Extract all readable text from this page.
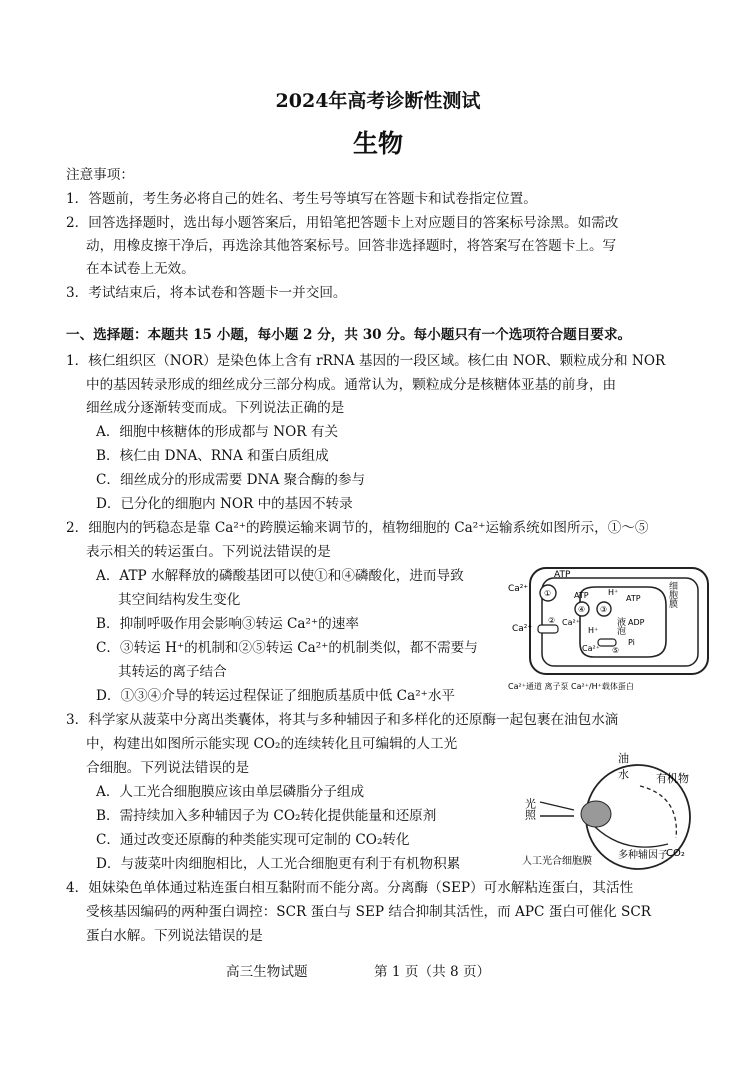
2024年高考诊断性测试
生物
注意事项：
1．答题前，考生务必将自己的姓名、考生号等填写在答题卡和试卷指定位置。
2．回答选择题时，选出每小题答案后，用铅笔把答题卡上对应题目的答案标号涂黑。如需改
动，用橡皮擦干净后，再选涂其他答案标号。回答非选择题时，将答案写在答题卡上。写
在本试卷上无效。
3．考试结束后，将本试卷和答题卡一并交回。
一、选择题：本题共 15 小题，每小题 2 分，共 30 分。每小题只有一个选项符合题目要求。
1．核仁组织区（NOR）是染色体上含有 rRNA 基因的一段区域。核仁由 NOR、颗粒成分和 NOR
中的基因转录形成的细丝成分三部分构成。通常认为，颗粒成分是核糖体亚基的前身，由
细丝成分逐渐转变而成。下列说法正确的是
A．细胞中核糖体的形成都与 NOR 有关
B．核仁由 DNA、RNA 和蛋白质组成
C．细丝成分的形成需要 DNA 聚合酶的参与
D．已分化的细胞内 NOR 中的基因不转录
2．细胞内的钙稳态是靠 Ca²⁺的跨膜运输来调节的，植物细胞的 Ca²⁺运输系统如图所示，①～⑤
表示相关的转运蛋白。下列说法错误的是
A．ATP 水解释放的磷酸基团可以使①和④磷酸化，进而导致
其空间结构发生变化
B．抑制呼吸作用会影响③转运 Ca²⁺的速率
C．③转运 H⁺的机制和②⑤转运 Ca²⁺的机制类似，都不需要与
其转运的离子结合
D．①③④介导的转运过程保证了细胞质基质中低 Ca²⁺水平
ATP
ATP	ATP
ADP
Pi
Ca²⁺
Ca²⁺
Ca²⁺
Ca²⁺
H⁺
H⁺ 液泡
细胞膜
①
②
③
④
⑤
Ca²⁺通道 离子泵 Ca²⁺/H⁺载体蛋白
3．科学家从菠菜中分离出类囊体，将其与多种辅因子和多样化的还原酶一起包裹在油包水滴
中，构建出如图所示能实现 CO₂的连续转化且可编辑的人工光
合细胞。下列说法错误的是
A．人工光合细胞膜应该由单层磷脂分子组成
B．需持续加入多种辅因子为 CO₂转化提供能量和还原剂
C．通过改变还原酶的种类能实现可定制的 CO₂转化
D．与菠菜叶肉细胞相比，人工光合细胞更有利于有机物积累
油
水
光照
有机物
多种辅因子
CO₂
人工光合细胞膜
4．姐妹染色单体通过粘连蛋白相互黏附而不能分离。分离酶（SEP）可水解粘连蛋白，其活性
受核基因编码的两种蛋白调控：SCR 蛋白与 SEP 结合抑制其活性，而 APC 蛋白可催化 SCR
蛋白水解。下列说法错误的是
高三生物试题	第 1 页（共 8 页）
